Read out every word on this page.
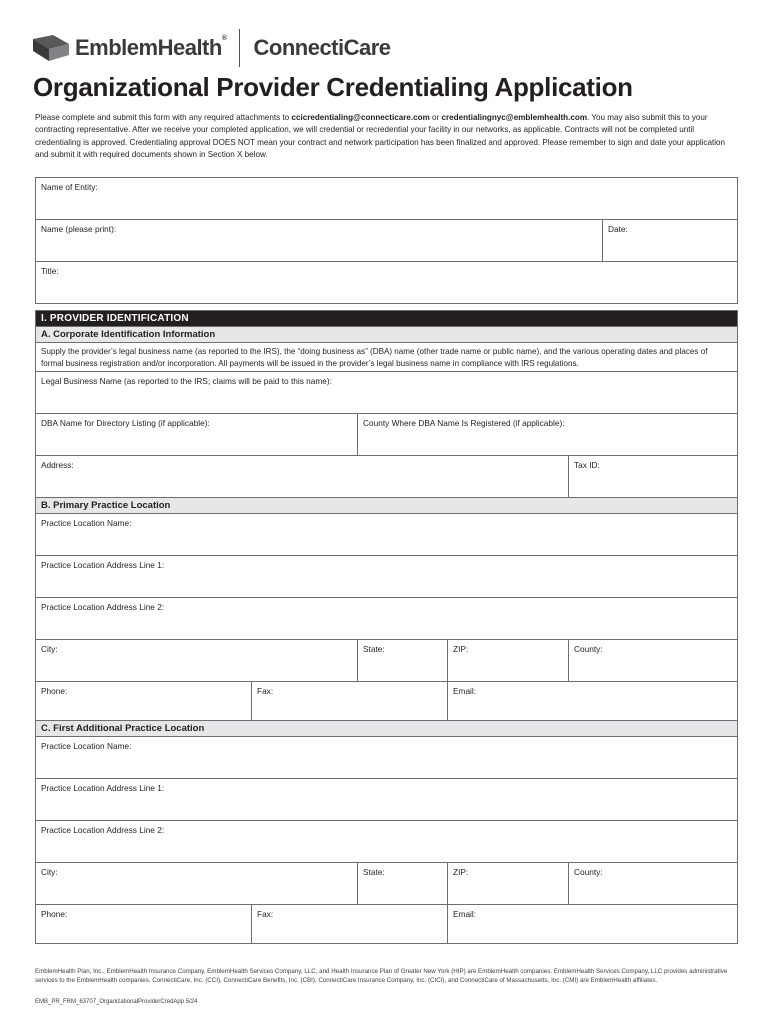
EmblemHealth® ConnectiCare
Organizational Provider Credentialing Application

Please complete and submit this form with any required attachments to ccicredentialing@connecticare.com or credentialingnyc@emblemhealth.com. You may also submit this to your contracting representative. After we receive your completed application, we will credential or recredential your facility in our networks, as applicable. Contracts will not be completed until credentialing is approved. Credentialing approval DOES NOT mean your contract and network participation has been finalized and approved. Please remember to sign and date your application and submit it with required documents shown in Section X below.

Name of Entity:
Name (please print):	Date:
Title:
I. PROVIDER IDENTIFICATION				
A. Corporate Identification Information				
Supply the provider’s legal business name (as reported to the IRS), the “doing business as” (DBA) name (other trade name or public name), and the various operating dates and places of formal business registration and/or incorporation. All payments will be issued in the provider’s legal business name in compliance with IRS regulations.				
Legal Business Name (as reported to the IRS; claims will be paid to this name):				
DBA Name for Directory Listing (if applicable):		County Where DBA Name Is Registered (if applicable):		
Address:				Tax ID:
B. Primary Practice Location				
Practice Location Name:				
Practice Location Address Line 1:				
Practice Location Address Line 2:				
City:		State:	ZIP:	County:
Phone:	Fax:		Email:	
C. First Additional Practice Location				
Practice Location Name:				
Practice Location Address Line 1:				
Practice Location Address Line 2:				
City:		State:	ZIP:	County:
Phone:	Fax:		Email:	

EmblemHealth Plan, Inc., EmblemHealth Insurance Company, EmblemHealth Services Company, LLC, and Health Insurance Plan of Greater New York (HIP) are EmblemHealth companies. EmblemHealth Services Company, LLC provides administrative services to the EmblemHealth companies. ConnectiCare, Inc. (CCI), ConnectiCare Benefits, Inc. (CBI), ConnectiCare Insurance Company, Inc. (CICI), and ConnectiCare of Massachusetts, Inc. (CMI) are EmblemHealth affiliates.

EMB_PR_FRM_63707_OrganizationalProviderCredApp 5/24
